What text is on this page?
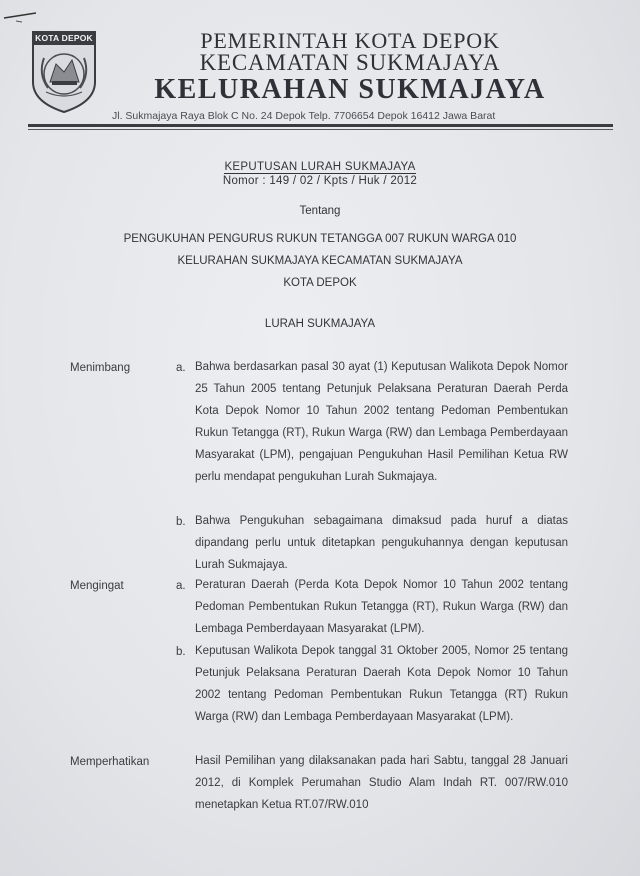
KOTA DEPOK	PEMERINTAH KOTA DEPOK
KECAMATAN SUKMAJAYA
KELURAHAN SUKMAJAYA
Jl. Sukmajaya Raya Blok C No. 24 Depok Telp. 7706654 Depok 16412 Jawa Barat
KEPUTUSAN LURAH SUKMAJAYA
Nomor : 149 / 02 / Kpts / Huk / 2012
Tentang
PENGUKUHAN PENGURUS RUKUN TETANGGA 007 RUKUN WARGA 010
KELURAHAN SUKMAJAYA KECAMATAN SUKMAJAYA
KOTA DEPOK
LURAH SUKMAJAYA
Menimbang	a. Bahwa berdasarkan pasal 30 ayat (1) Keputusan Walikota Depok Nomor 25 Tahun 2005 tentang Petunjuk Pelaksana Peraturan Daerah Perda Kota Depok Nomor 10 Tahun 2002 tentang Pedoman Pembentukan Rukun Tetangga (RT), Rukun Warga (RW) dan Lembaga Pemberdayaan Masyarakat (LPM), pengajuan Pengukuhan Hasil Pemilihan Ketua RW perlu mendapat pengukuhan Lurah Sukmajaya.
b. Bahwa Pengukuhan sebagaimana dimaksud pada huruf a diatas dipandang perlu untuk ditetapkan pengukuhannya dengan keputusan Lurah Sukmajaya.
Mengingat	a. Peraturan Daerah (Perda Kota Depok Nomor 10 Tahun 2002 tentang Pedoman Pembentukan Rukun Tetangga (RT), Rukun Warga (RW) dan Lembaga Pemberdayaan Masyarakat (LPM).
b. Keputusan Walikota Depok tanggal 31 Oktober 2005, Nomor 25 tentang Petunjuk Pelaksana Peraturan Daerah Kota Depok Nomor 10 Tahun 2002 tentang Pedoman Pembentukan Rukun Tetangga (RT) Rukun Warga (RW) dan Lembaga Pemberdayaan Masyarakat (LPM).
Memperhatikan	Hasil Pemilihan yang dilaksanakan pada hari Sabtu, tanggal 28 Januari 2012, di Komplek Perumahan Studio Alam Indah RT. 007/RW.010 menetapkan Ketua RT.07/RW.010
